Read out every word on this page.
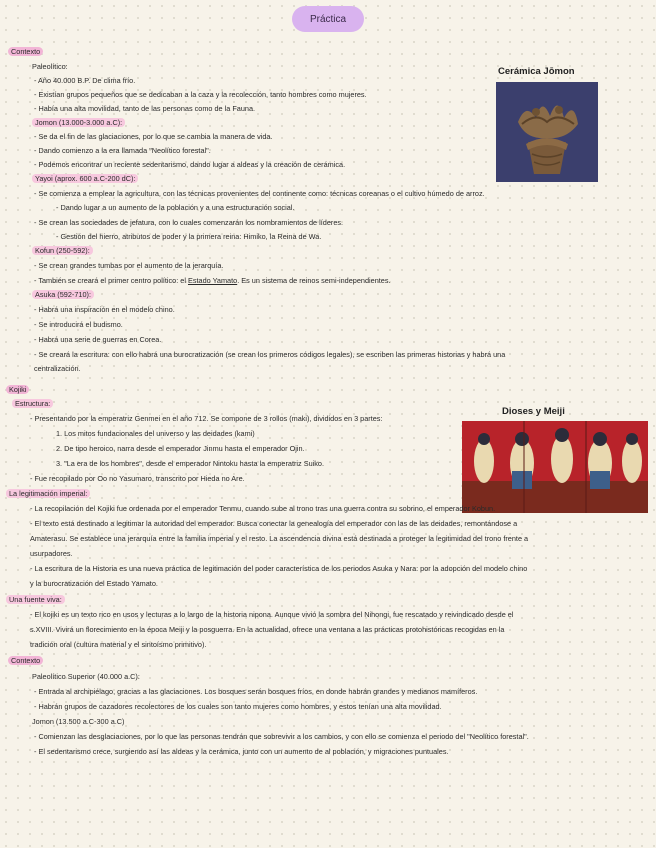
Práctica
Cerámica Jōmon
Dioses y Meiji
Contexto
Paleolítico:
- Año 40.000 B.P. De clima frío.
- Existían grupos pequeños que se dedicaban a la caza y la recolección, tanto hombres como mujeres.
- Había una alta movilidad, tanto de las personas como de la Fauna.
Jomon (13.000-3.000 a.C):
- Se da el fin de las glaciaciones, por lo que se cambia la manera de vida.
- Dando comienzo a la era llamada "Neolítico forestal".
- Podemos encontrar un reciente sedentarismo, dando lugar a aldeas y la creación de cerámica.
Yayoi (aprox. 600 a.C-200 dC):
- Se comienza a emplear la agricultura, con las técnicas provenientes del continente como: técnicas coreanas o el cultivo húmedo de arroz.
- Dando lugar a un aumento de la población y a una estructuración social.
- Se crean las sociedades de jefatura, con lo cuales comenzarán los nombramientos de líderes.
- Gestión del hierro, atributos de poder y la primera reina: Himiko, la Reina de Wa.
Kofun (250-592):
- Se crean grandes tumbas por el aumento de la jerarquía.
- También se creará el primer centro político: el Estado Yamato. Es un sistema de reinos semi-independientes.
Asuka (592-710):
- Habrá una inspiración en el modelo chino.
- Se introducirá el budismo.
- Habrá una serie de guerras en Corea.
- Se creará la escritura: con ello habrá una burocratización (se crean los primeros códigos legales), se escriben las primeras historias y habrá una
centralización.
Kojiki
Estructura:
- Presentando por la emperatriz Genmei en el año 712. Se compone de 3 rollos (maki), divididos en 3 partes:
1. Los mitos fundacionales del universo y las deidades (kami)
2. De tipo heroico, narra desde el emperador Jinmu hasta el emperador Ojin.
3. "La era de los hombres", desde el emperador Nintoku hasta la emperatriz Suiko.
- Fue recopilado por Oo no Yasumaro, transcrito por Hieda no Are.
La legitimación imperial:
- La recopilación del Kojiki fue ordenada por el emperador Tenmu, cuando sube al trono tras una guerra contra su sobrino, el emperador Kobun.
- El texto está destinado a legitimar la autoridad del emperador. Busca conectar la genealogía del emperador con las de las deidades, remontándose a
Amaterasu. Se establece una jerarquía entre la familia imperial y el resto. La ascendencia divina está destinada a proteger la legitimidad del trono frente a
usurpadores.
- La escritura de la Historia es una nueva práctica de legitimación del poder característica de los periodos Asuka y Nara: por la adopción del modelo chino
y la burocratización del Estado Yamato.
Una fuente viva:
- El kojiki es un texto rico en usos y lecturas a lo largo de la historia nipona. Aunque vivió la sombra del Nihongi, fue rescatado y reivindicado desde el
s.XVIII. Vivirá un florecimiento en la época Meiji y la posguerra. En la actualidad, ofrece una ventana a las prácticas protohistóricas recogidas en la
tradición oral (cultura material y el sintoísmo primitivo).
Contexto
Paleolítico Superior (40.000 a.C):
- Entrada al archipiélago, gracias a las glaciaciones. Los bosques serán bosques fríos, en donde habrán grandes y medianos mamíferos.
- Habrán grupos de cazadores recolectores de los cuales son tanto mujeres como hombres, y estos tenían una alta movilidad.
Jomon (13.500 a.C-300 a.C)
- Comienzan las desglaciaciones, por lo que las personas tendrán que sobrevivir a los cambios, y con ello se comienza el periodo del "Neolítico forestal".
- El sedentarismo crece, surgiendo así las aldeas y la cerámica, junto con un aumento de al población, y migraciones puntuales.
